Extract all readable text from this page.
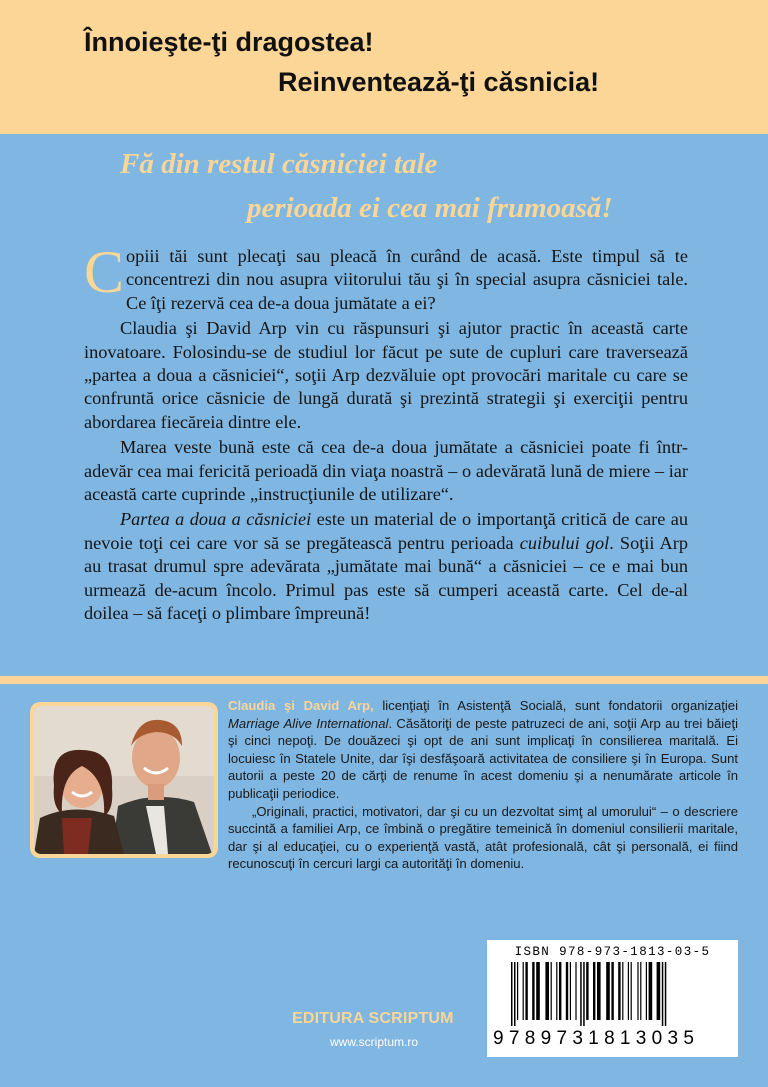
Înnoieşte-ţi dragostea!
Reinventează-ţi căsnicia!
Fă din restul căsniciei tale
perioada ei cea mai frumoasă!

Copiii tăi sunt plecaţi sau pleacă în curând de acasă. Este timpul să te concentrezi din nou asupra viitorului tău şi în special asupra căsniciei tale. Ce îţi rezervă cea de-a doua jumătate a ei?

Claudia şi David Arp vin cu răspunsuri şi ajutor practic în această carte inovatoare. Folosindu-se de studiul lor făcut pe sute de cupluri care traversează „partea a doua a căsniciei“, soţii Arp dezvăluie opt provocări maritale cu care se confruntă orice căsnicie de lungă durată şi prezintă strategii şi exerciţii pentru abordarea fiecăreia dintre ele.

Marea veste bună este că cea de-a doua jumătate a căsniciei poate fi într-adevăr cea mai fericită perioadă din viaţa noastră – o adevărată lună de miere – iar această carte cuprinde „instrucţiunile de utilizare“.

Partea a doua a căsniciei este un material de o importanţă critică de care au nevoie toţi cei care vor să se pregătească pentru perioada cuibului gol. Soţii Arp au trasat drumul spre adevărata „jumătate mai bună“ a căsniciei – ce e mai bun urmează de-acum încolo. Primul pas este să cumperi această carte. Cel de-al doilea – să faceţi o plimbare împreună!

Claudia şi David Arp, licenţiaţi în Asistenţă Socială, sunt fondatorii organizaţiei Marriage Alive International. Căsătoriţi de peste patruzeci de ani, soţii Arp au trei băieţi şi cinci nepoţi. De douăzeci şi opt de ani sunt implicaţi în consilierea maritală. Ei locuiesc în Statele Unite, dar îşi desfăşoară activitatea de consiliere şi în Europa. Sunt autorii a peste 20 de cărţi de renume în acest domeniu şi a nenumărate articole în publicaţii periodice.

„Originali, practici, motivatori, dar şi cu un dezvoltat simţ al umorului“ – o descriere succintă a familiei Arp, ce îmbină o pregătire temeinică în domeniul consilierii maritale, dar şi al educaţiei, cu o experienţă vastă, atât profesională, cât şi personală, ei fiind recunoscuţi în cercuri largi ca autorităţi în domeniu.

EDITURA SCRIPTUM
www.scriptum.ro
ISBN 978-973-1813-03-5
9789731813035
